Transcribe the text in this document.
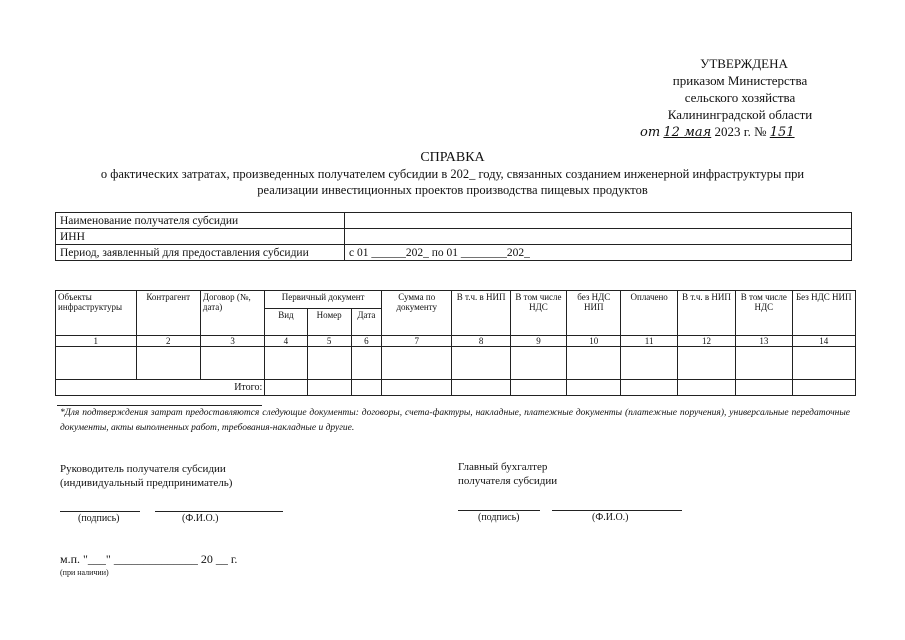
УТВЕРЖДЕНА
приказом Министерства
сельского хозяйства
Калининградской области
от 12 мая 2023 г. № 151
СПРАВКА
о фактических затратах, произведенных получателем субсидии в 202_ году, связанных созданием инженерной инфраструктуры при реализации инвестиционных проектов производства пищевых продуктов
Наименование получателя субсидии	
ИНН	
Период, заявленный для предоставления субсидии	с 01 ______202_ по 01 ________202_
Объекты инфраструктуры	Контрагент	Договор (№, дата)	Первичный документ			Сумма по документу	В т.ч. в НИП	В том числе НДС	без НДС НИП	Оплачено	В т.ч. в НИП	В том числе НДС	Без НДС НИП
			Вид	Номер	Дата								
1	2	3	4	5	6	7	8	9	10	11	12	13	14

Итого:													
*Для подтверждения затрат предоставляются следующие документы: договоры, счета-фактуры, накладные, платежные документы (платежные поручения), универсальные передаточные документы, акты выполненных работ, требования-накладные и другие.
Руководитель получателя субсидии
(индивидуальный предприниматель)
(подпись)	(Ф.И.О.)
Главный бухгалтер
получателя субсидии
(подпись)	(Ф.И.О.)
м.п. "___" ______________ 20 __ г.
(при наличии)
